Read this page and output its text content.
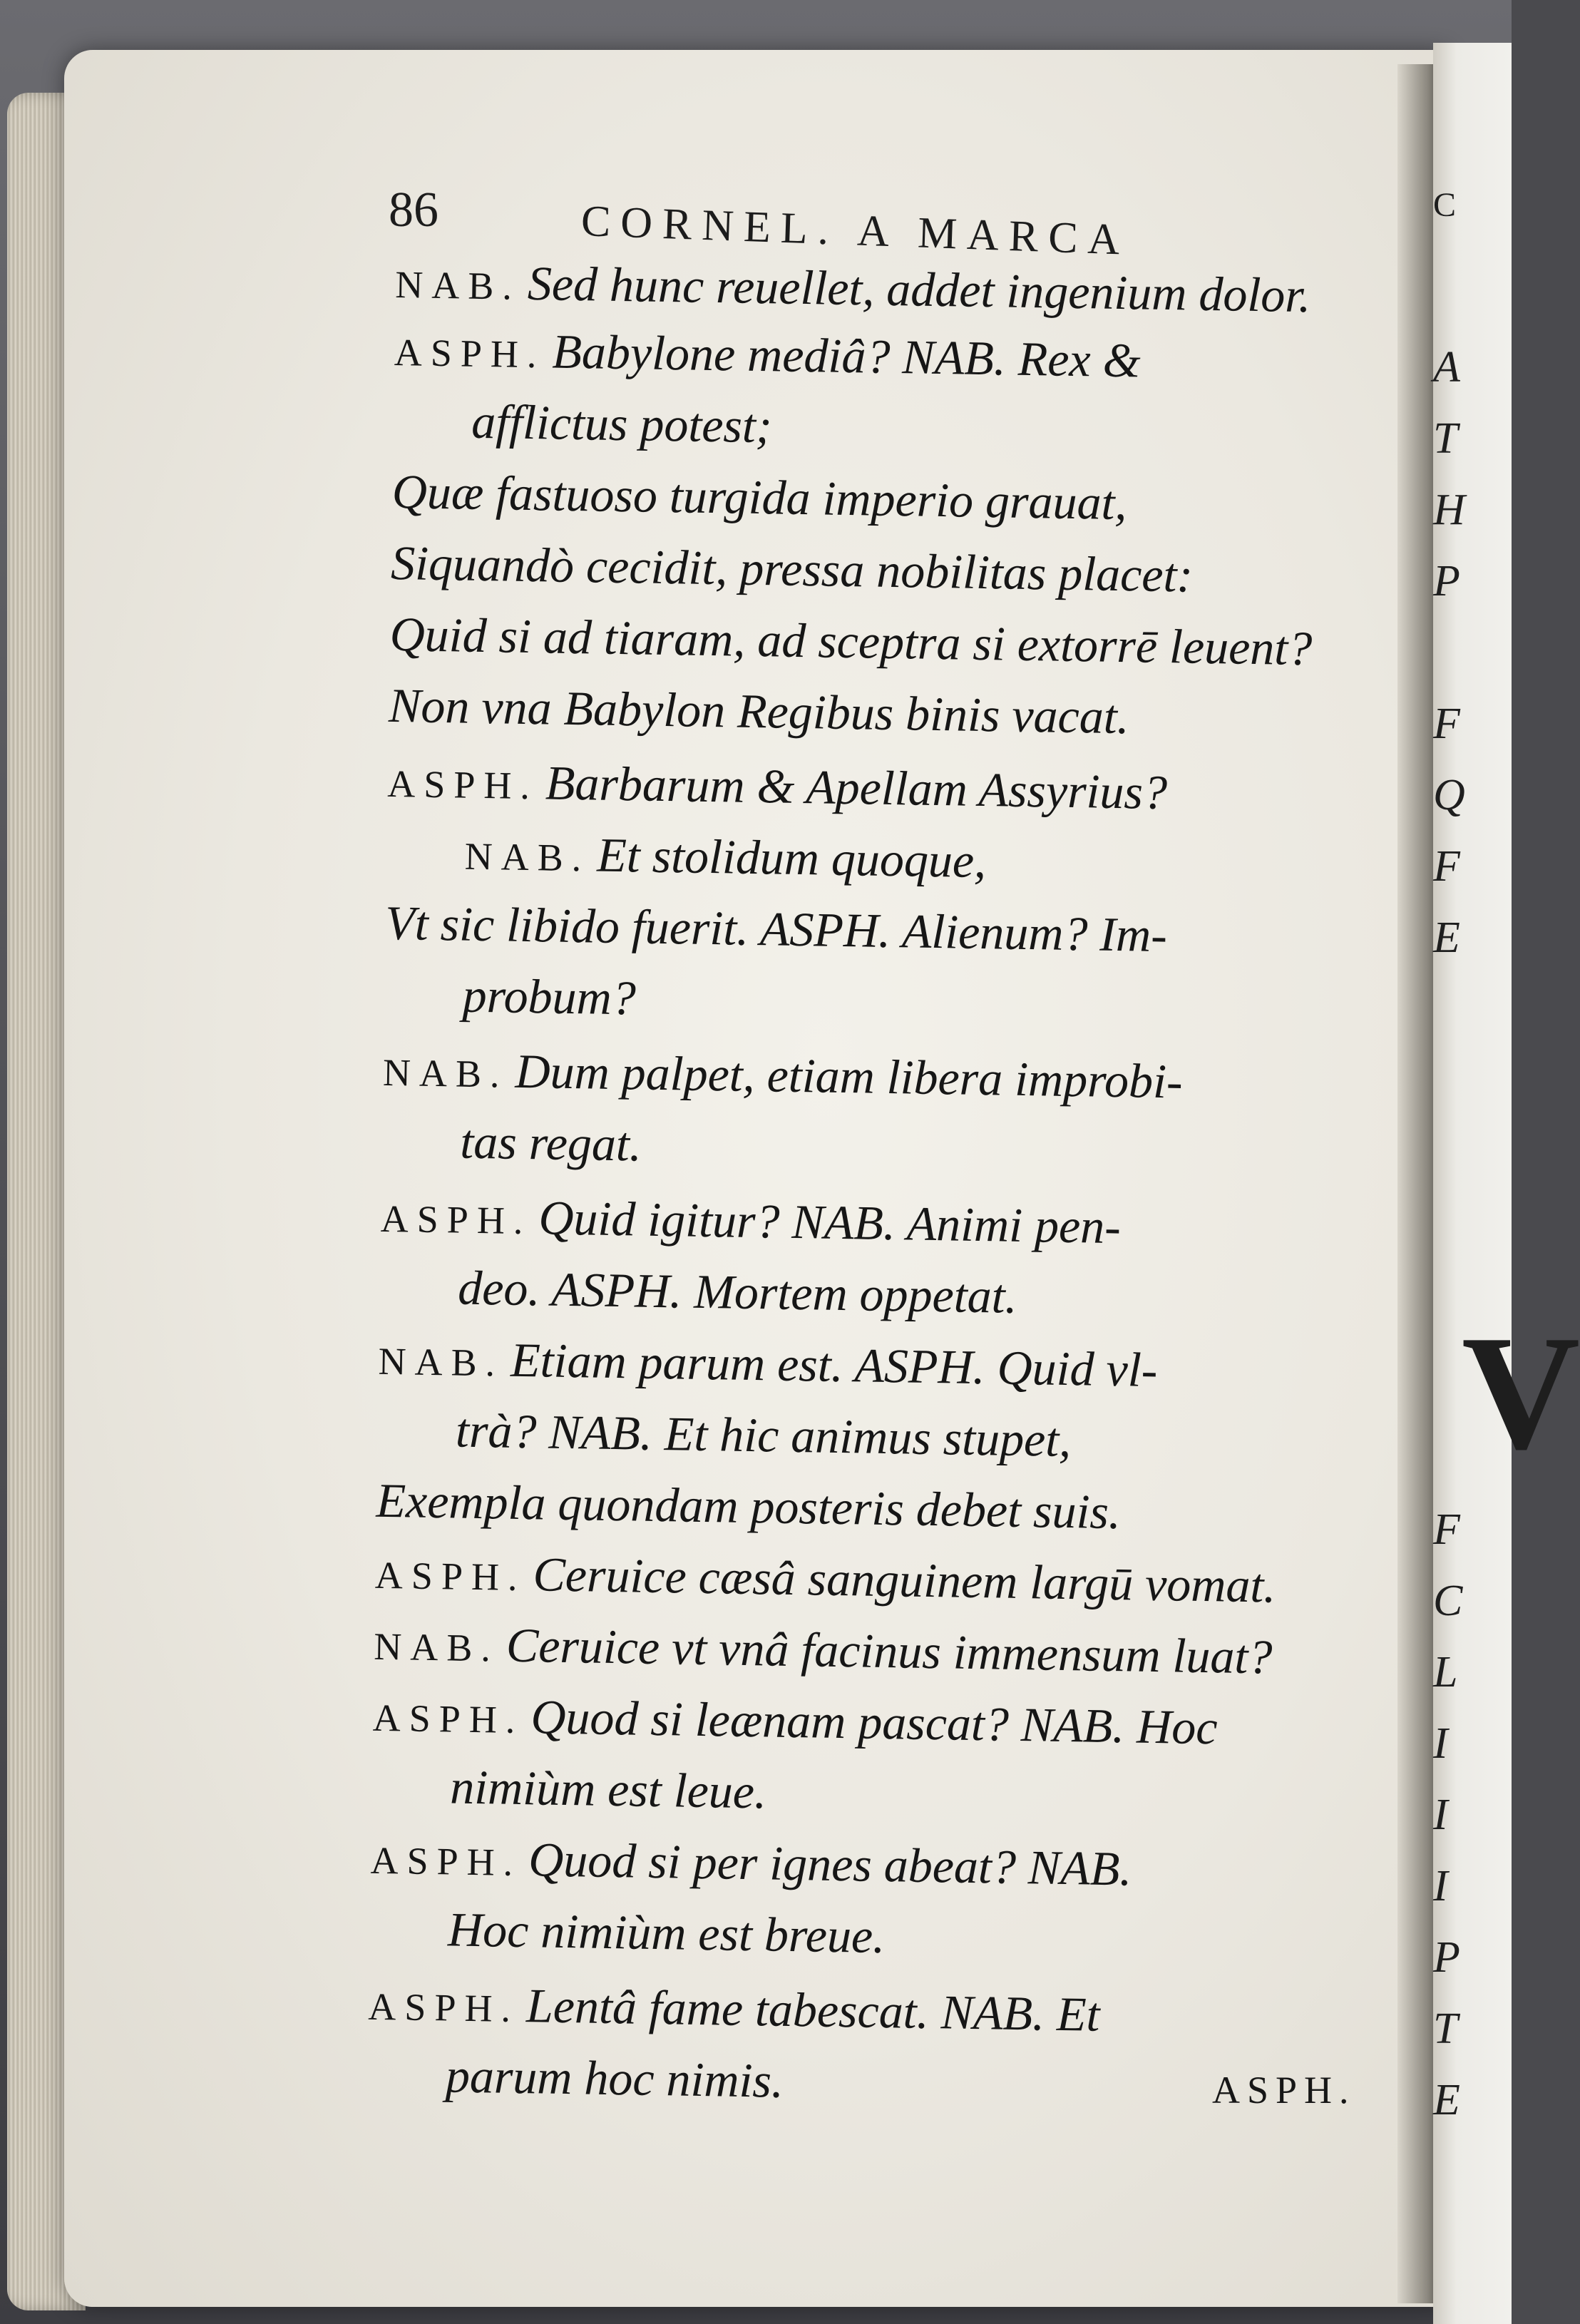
C
A
T
H
P
F
Q
F
E
V
F
C
L
I
I
I
P
T
E
86	CORNEL. A MARCA
NAB. Sed hunc reuellet, addet ingenium dolor.
ASPH. Babylone mediâ? NAB. Rex &
afflictus potest;
Quæ fastuoso turgida imperio grauat,
Siquandò cecidit, pressa nobilitas placet:
Quid si ad tiaram, ad sceptra si extorrē leuent?
Non vna Babylon Regibus binis vacat.
ASPH. Barbarum & Apellam Assyrius?
NAB. Et stolidum quoque,
Vt sic libido fuerit. ASPH. Alienum? Im-
probum?
NAB. Dum palpet, etiam libera improbi-
tas regat.
ASPH. Quid igitur? NAB. Animi pen-
deo. ASPH. Mortem oppetat.
NAB. Etiam parum est. ASPH. Quid vl-
trà? NAB. Et hic animus stupet,
Exempla quondam posteris debet suis.
ASPH. Ceruice cæsâ sanguinem largū vomat.
NAB. Ceruice vt vnâ facinus immensum luat?
ASPH. Quod si leænam pascat? NAB. Hoc
nimiùm est leue.
ASPH. Quod si per ignes abeat? NAB.
Hoc nimiùm est breue.
ASPH. Lentâ fame tabescat. NAB. Et
parum hoc nimis.	ASPH.
